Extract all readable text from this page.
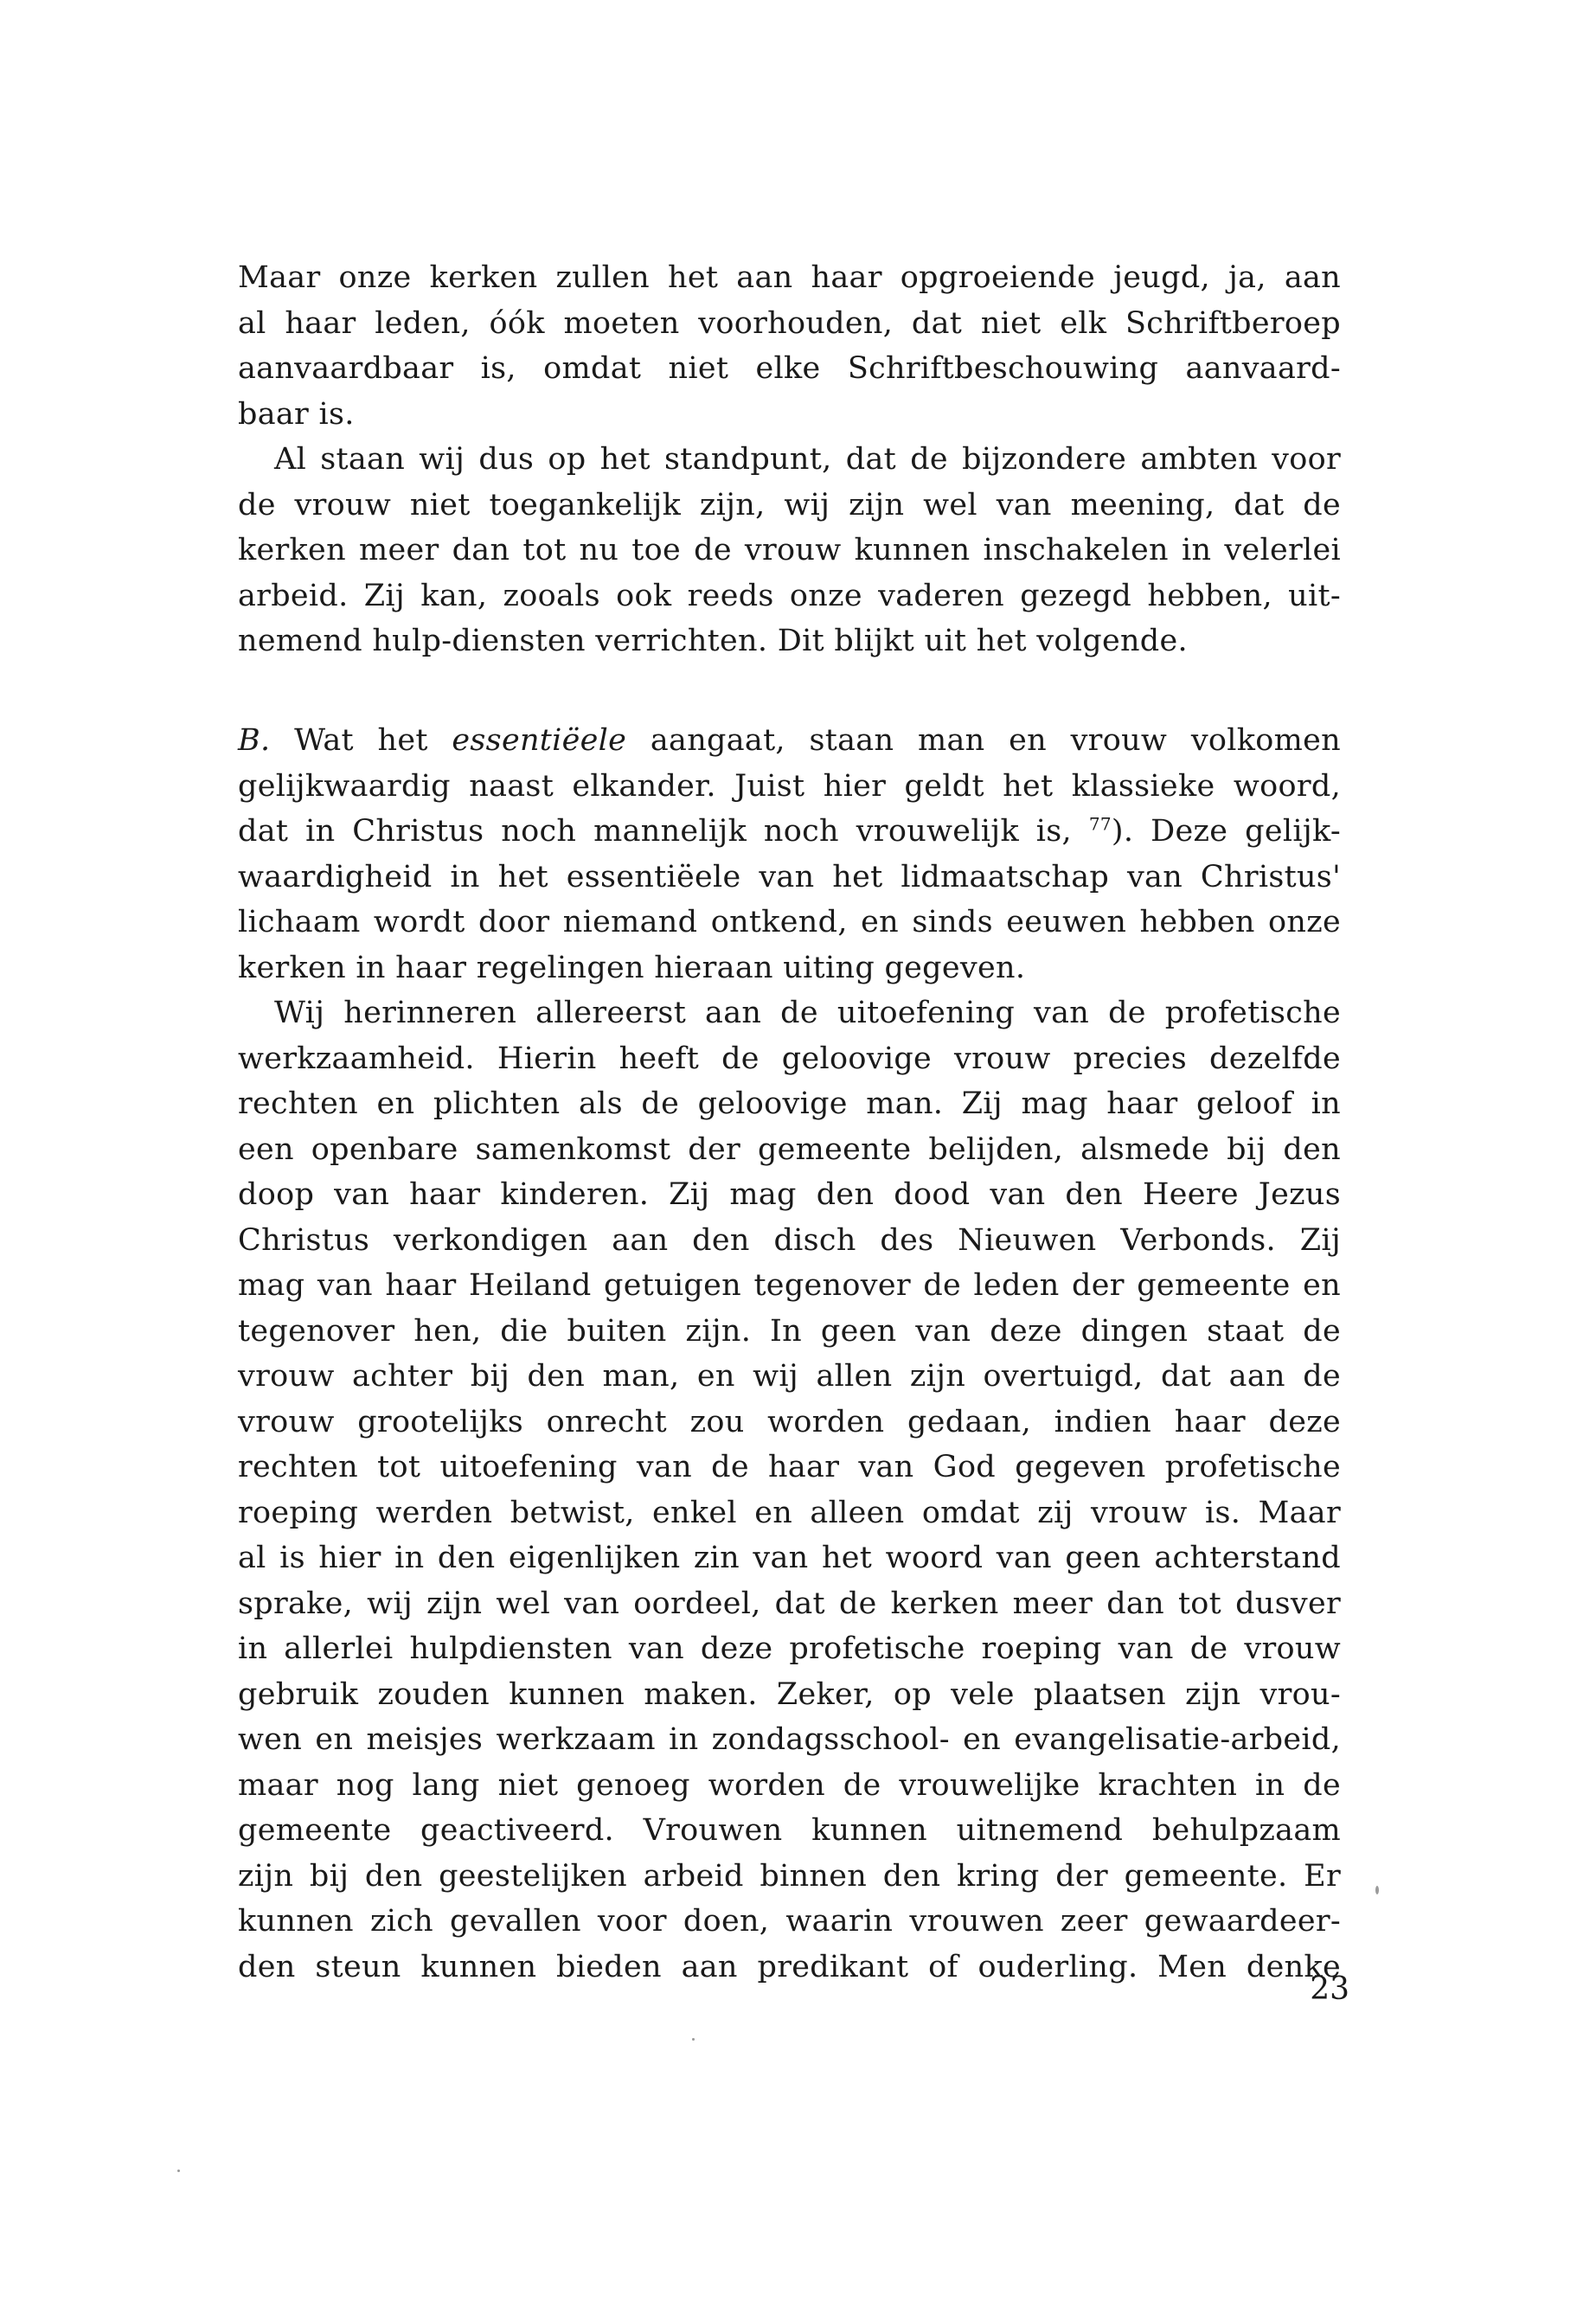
Maar onze kerken zullen het aan haar opgroeiende jeugd, ja, aan
al haar leden, óók moeten voorhouden, dat niet elk Schriftberoep
aanvaardbaar is, omdat niet elke Schriftbeschouwing aanvaard-
baar is.
Al staan wij dus op het standpunt, dat de bijzondere ambten voor
de vrouw niet toegankelijk zijn, wij zijn wel van meening, dat de
kerken meer dan tot nu toe de vrouw kunnen inschakelen in velerlei
arbeid. Zij kan, zooals ook reeds onze vaderen gezegd hebben, uit-
nemend hulp-diensten verrichten. Dit blijkt uit het volgende.
B. Wat het essentiëele aangaat, staan man en vrouw volkomen
gelijkwaardig naast elkander. Juist hier geldt het klassieke woord,
dat in Christus noch mannelijk noch vrouwelijk is, $^{77}$). Deze gelijk-
waardigheid in het essentiëele van het lidmaatschap van Christus'
lichaam wordt door niemand ontkend, en sinds eeuwen hebben onze
kerken in haar regelingen hieraan uiting gegeven.
Wij herinneren allereerst aan de uitoefening van de profetische
werkzaamheid. Hierin heeft de geloovige vrouw precies dezelfde
rechten en plichten als de geloovige man. Zij mag haar geloof in
een openbare samenkomst der gemeente belijden, alsmede bij den
doop van haar kinderen. Zij mag den dood van den Heere Jezus
Christus verkondigen aan den disch des Nieuwen Verbonds. Zij
mag van haar Heiland getuigen tegenover de leden der gemeente en
tegenover hen, die buiten zijn. In geen van deze dingen staat de
vrouw achter bij den man, en wij allen zijn overtuigd, dat aan de
vrouw grootelijks onrecht zou worden gedaan, indien haar deze
rechten tot uitoefening van de haar van God gegeven profetische
roeping werden betwist, enkel en alleen omdat zij vrouw is. Maar
al is hier in den eigenlijken zin van het woord van geen achterstand
sprake, wij zijn wel van oordeel, dat de kerken meer dan tot dusver
in allerlei hulpdiensten van deze profetische roeping van de vrouw
gebruik zouden kunnen maken. Zeker, op vele plaatsen zijn vrou-
wen en meisjes werkzaam in zondagsschool- en evangelisatie-arbeid,
maar nog lang niet genoeg worden de vrouwelijke krachten in de
gemeente geactiveerd. Vrouwen kunnen uitnemend behulpzaam
zijn bij den geestelijken arbeid binnen den kring der gemeente. Er
kunnen zich gevallen voor doen, waarin vrouwen zeer gewaardeer-
den steun kunnen bieden aan predikant of ouderling. Men denke
23
